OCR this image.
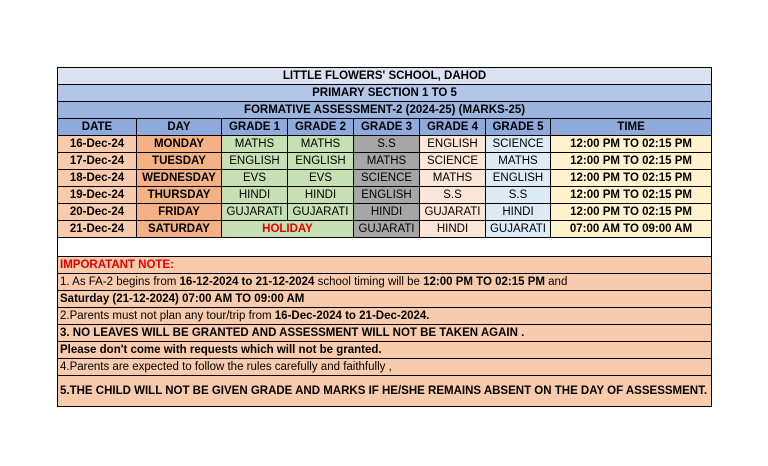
LITTLE FLOWERS' SCHOOL, DAHOD							
PRIMARY SECTION 1 TO 5							
FORMATIVE ASSESSMENT-2 (2024-25) (MARKS-25)							
DATE	DAY	GRADE 1	GRADE 2	GRADE 3	GRADE 4	GRADE 5	TIME
16-Dec-24	MONDAY	MATHS	MATHS	S.S	ENGLISH	SCIENCE	12:00 PM TO 02:15 PM
17-Dec-24	TUESDAY	ENGLISH	ENGLISH	MATHS	SCIENCE	MATHS	12:00 PM TO 02:15 PM
18-Dec-24	WEDNESDAY	EVS	EVS	SCIENCE	MATHS	ENGLISH	12:00 PM TO 02:15 PM
19-Dec-24	THURSDAY	HINDI	HINDI	ENGLISH	S.S	S.S	12:00 PM TO 02:15 PM
20-Dec-24	FRIDAY	GUJARATI	GUJARATI	HINDI	GUJARATI	HINDI	12:00 PM TO 02:15 PM
21-Dec-24	SATURDAY	HOLIDAY		GUJARATI	HINDI	GUJARATI	07:00 AM TO 09:00 AM

IMPORATANT NOTE:							
1. As FA-2 begins from 16-12-2024 to 21-12-2024 school timing will be 12:00 PM TO 02:15 PM and							
Saturday (21-12-2024) 07:00 AM TO 09:00 AM							
2.Parents must not plan any tour/trip from 16-Dec-2024 to 21-Dec-2024.							
3. NO LEAVES WILL BE GRANTED AND ASSESSMENT WILL NOT BE TAKEN AGAIN .							
Please don't come with requests which will not be granted.							
4.Parents are expected to follow the rules carefully and faithfully ,							
5.THE CHILD WILL NOT BE GIVEN GRADE AND MARKS IF HE/SHE REMAINS ABSENT ON THE DAY OF ASSESSMENT.							
